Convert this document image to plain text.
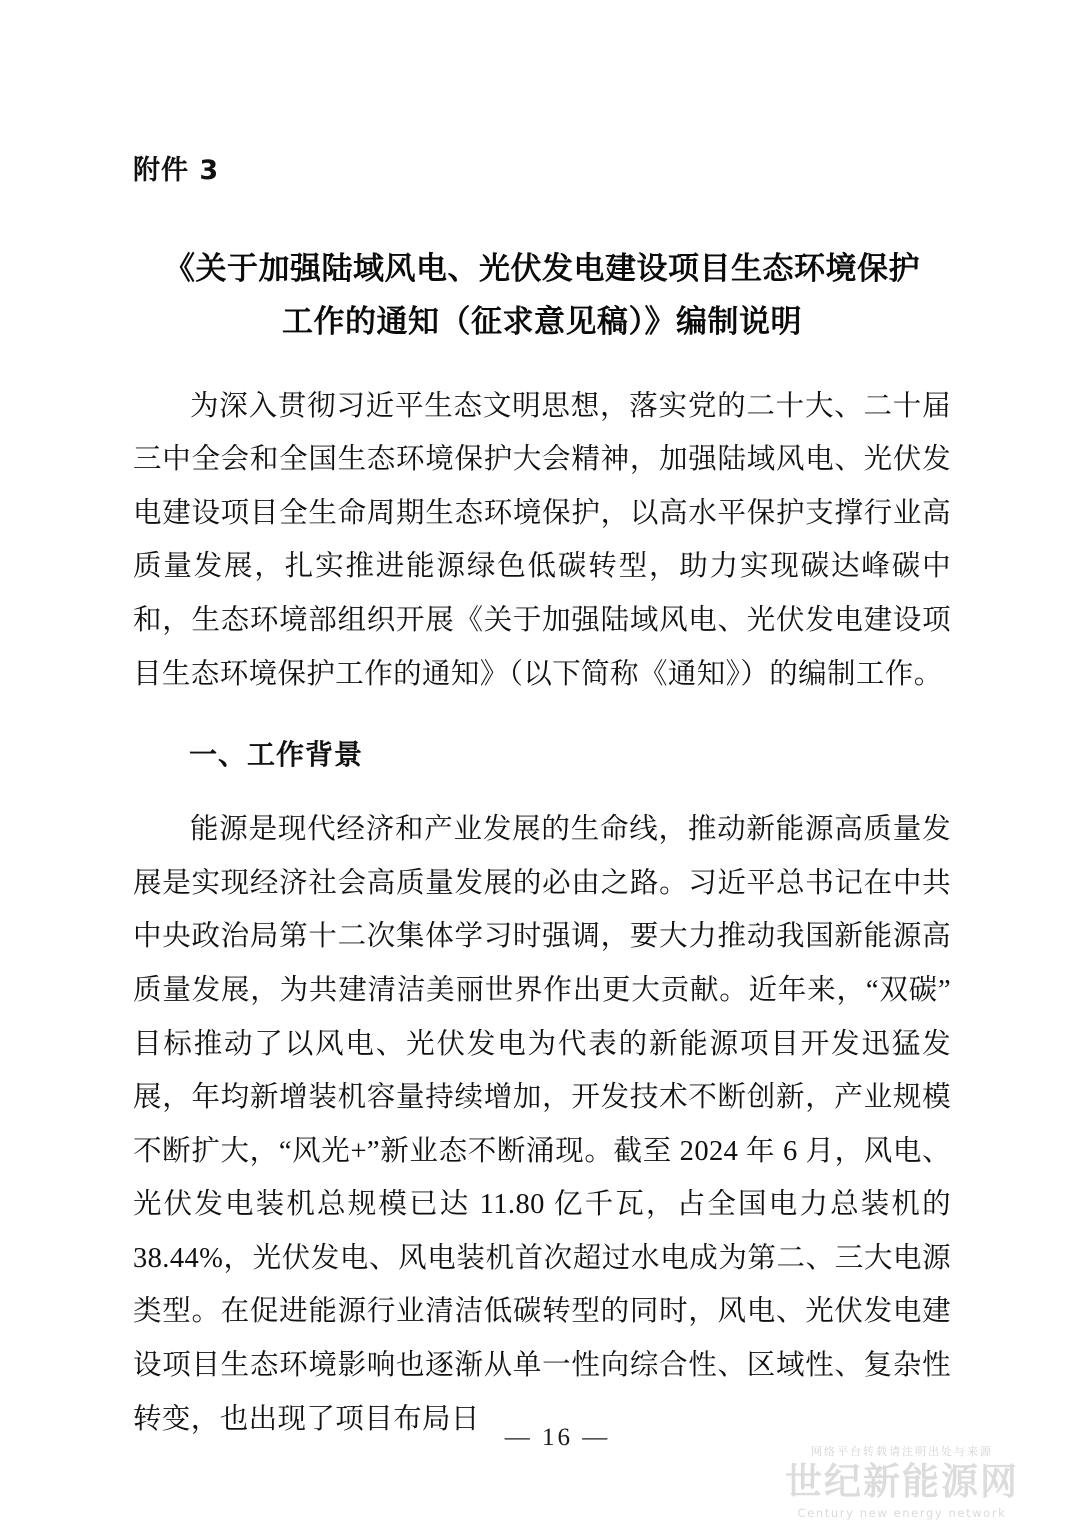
附件 3
《关于加强陆域风电、光伏发电建设项目生态环境保护
工作的通知（征求意见稿）》编制说明

为深入贯彻习近平生态文明思想，落实党的二十大、二十届三中全会和全国生态环境保护大会精神，加强陆域风电、光伏发电建设项目全生命周期生态环境保护，以高水平保护支撑行业高质量发展，扎实推进能源绿色低碳转型，助力实现碳达峰碳中和，生态环境部组织开展《关于加强陆域风电、光伏发电建设项目生态环境保护工作的通知》（以下简称《通知》）的编制工作。

一、工作背景

能源是现代经济和产业发展的生命线，推动新能源高质量发展是实现经济社会高质量发展的必由之路。习近平总书记在中共中央政治局第十二次集体学习时强调，要大力推动我国新能源高质量发展，为共建清洁美丽世界作出更大贡献。近年来，“双碳”目标推动了以风电、光伏发电为代表的新能源项目开发迅猛发展，年均新增装机容量持续增加，开发技术不断创新，产业规模不断扩大，“风光+”新业态不断涌现。截至 2024 年 6 月，风电、光伏发电装机总规模已达 11.80 亿千瓦，占全国电力总装机的 38.44%，光伏发电、风电装机首次超过水电成为第二、三大电源类型。在促进能源行业清洁低碳转型的同时，风电、光伏发电建设项目生态环境影响也逐渐从单一性向综合性、区域性、复杂性转变，也出现了项目布局日

— 16 —
网络平台转载请注明出处与来源
世纪新能源网
Century new energy network
